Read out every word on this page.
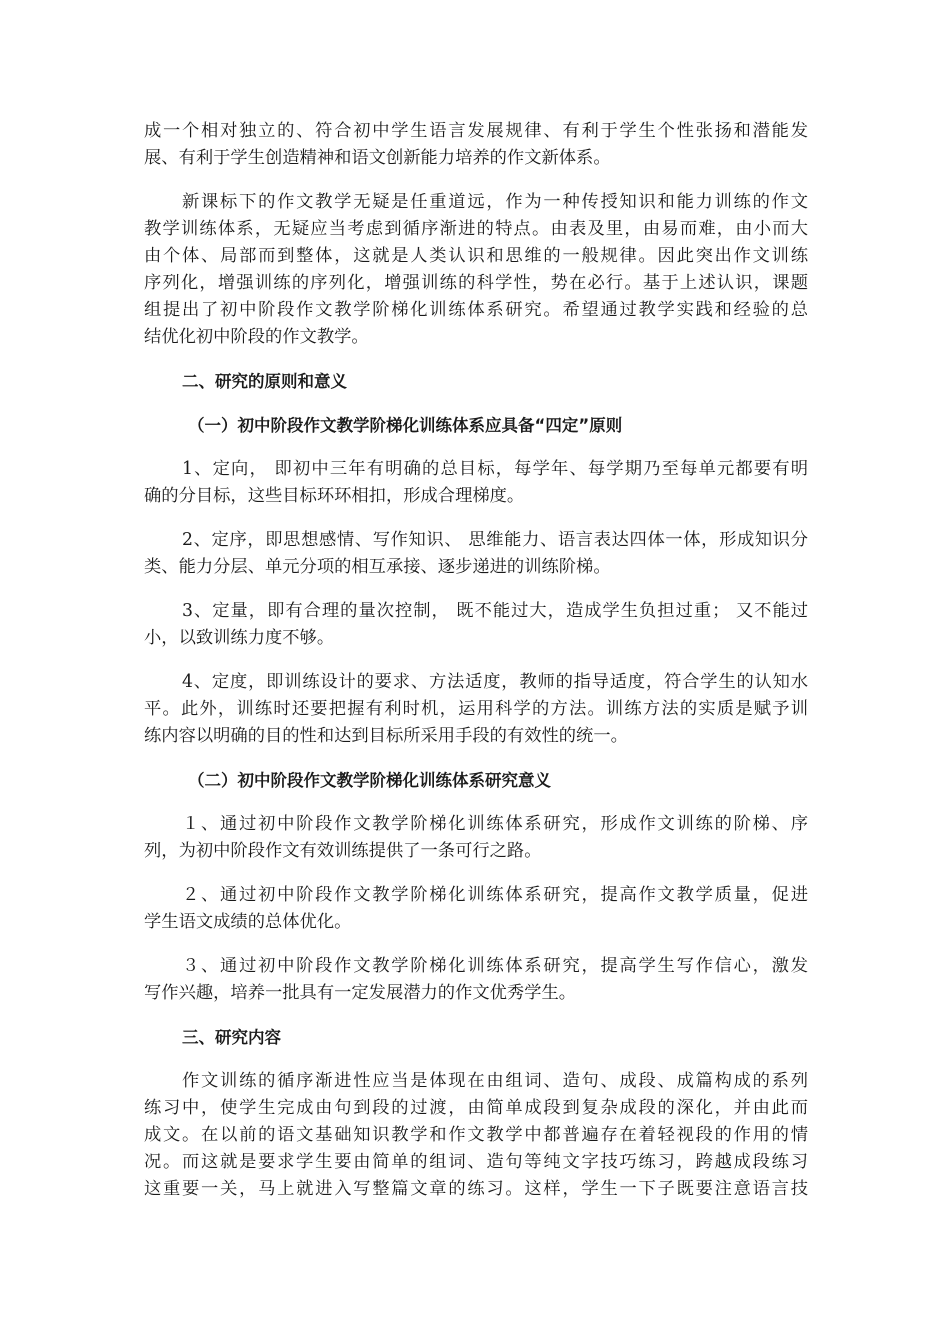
成一个相对独立的、符合初中学生语言发展规律、有利于学生个性张扬和潜能发
展、有利于学生创造精神和语文创新能力培养的作文新体系。
新课标下的作文教学无疑是任重道远，作为一种传授知识和能力训练的作文
教学训练体系，无疑应当考虑到循序渐进的特点。由表及里，由易而难，由小而大
由个体、局部而到整体，这就是人类认识和思维的一般规律。因此突出作文训练
序列化，增强训练的序列化，增强训练的科学性，势在必行。基于上述认识，课题
组提出了初中阶段作文教学阶梯化训练体系研究。希望通过教学实践和经验的总
结优化初中阶段的作文教学。
二、研究的原则和意义
（一）初中阶段作文教学阶梯化训练体系应具备“四定”原则
1、定向， 即初中三年有明确的总目标，每学年、每学期乃至每单元都要有明
确的分目标，这些目标环环相扣，形成合理梯度。
2、定序，即思想感情、写作知识、 思维能力、语言表达四体一体，形成知识分
类、能力分层、单元分项的相互承接、逐步递进的训练阶梯。
3、定量，即有合理的量次控制， 既不能过大，造成学生负担过重； 又不能过
小，以致训练力度不够。
4、定度，即训练设计的要求、方法适度，教师的指导适度，符合学生的认知水
平。此外，训练时还要把握有利时机，运用科学的方法。训练方法的实质是赋予训
练内容以明确的目的性和达到目标所采用手段的有效性的统一。
（二）初中阶段作文教学阶梯化训练体系研究意义
１、通过初中阶段作文教学阶梯化训练体系研究，形成作文训练的阶梯、序
列，为初中阶段作文有效训练提供了一条可行之路。
２、通过初中阶段作文教学阶梯化训练体系研究，提高作文教学质量，促进
学生语文成绩的总体优化。
３、通过初中阶段作文教学阶梯化训练体系研究，提高学生写作信心，激发
写作兴趣，培养一批具有一定发展潜力的作文优秀学生。
三、研究内容
作文训练的循序渐进性应当是体现在由组词、造句、成段、成篇构成的系列
练习中，使学生完成由句到段的过渡，由简单成段到复杂成段的深化，并由此而
成文。在以前的语文基础知识教学和作文教学中都普遍存在着轻视段的作用的情
况。而这就是要求学生要由简单的组词、造句等纯文字技巧练习，跨越成段练习
这重要一关，马上就进入写整篇文章的练习。这样，学生一下子既要注意语言技
